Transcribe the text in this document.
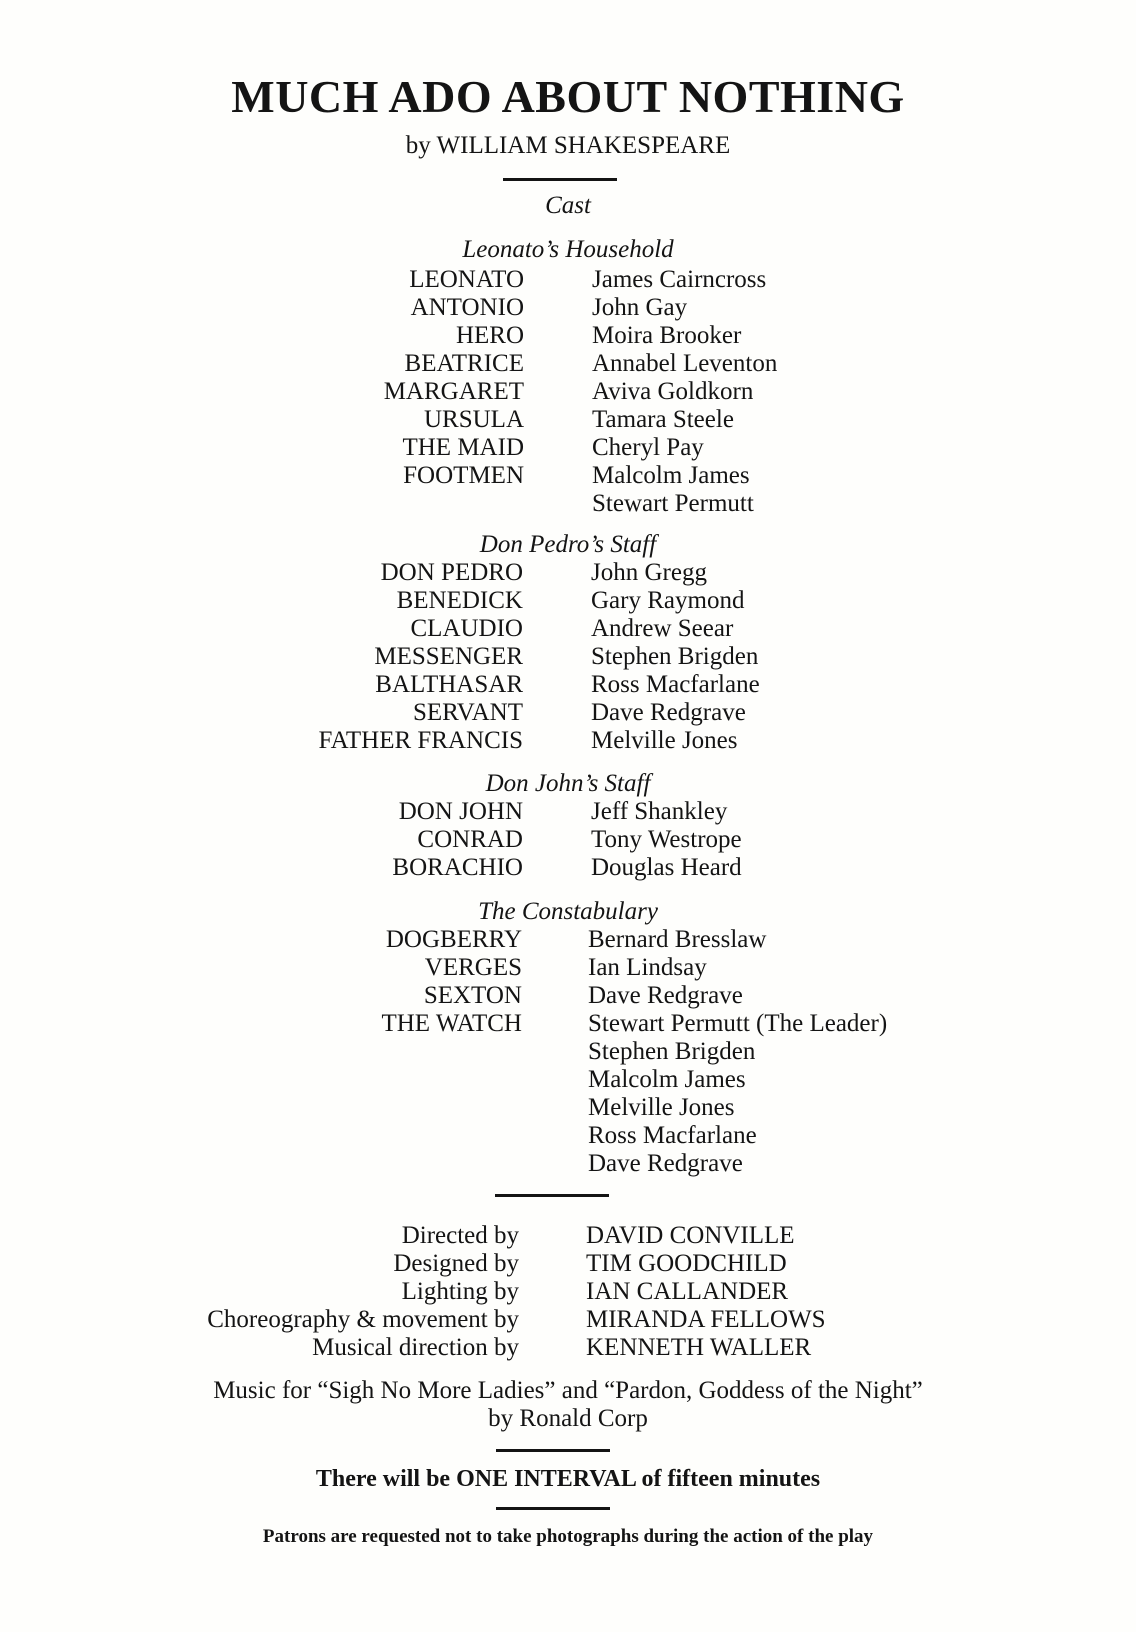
MUCH ADO ABOUT NOTHING
by WILLIAM SHAKESPEARE
Cast
Leonato’s Household
LEONATO	James Cairncross
ANTONIO	John Gay
HERO	Moira Brooker
BEATRICE	Annabel Leventon
MARGARET	Aviva Goldkorn
URSULA	Tamara Steele
THE MAID	Cheryl Pay
FOOTMEN	Malcolm James
Stewart Permutt
Don Pedro’s Staff
DON PEDRO	John Gregg
BENEDICK	Gary Raymond
CLAUDIO	Andrew Seear
MESSENGER	Stephen Brigden
BALTHASAR	Ross Macfarlane
SERVANT	Dave Redgrave
FATHER FRANCIS	Melville Jones
Don John’s Staff
DON JOHN	Jeff Shankley
CONRAD	Tony Westrope
BORACHIO	Douglas Heard
The Constabulary
DOGBERRY	Bernard Bresslaw
VERGES	Ian Lindsay
SEXTON	Dave Redgrave
THE WATCH	Stewart Permutt (The Leader)
Stephen Brigden
Malcolm James
Melville Jones
Ross Macfarlane
Dave Redgrave
Directed by	DAVID CONVILLE
Designed by	TIM GOODCHILD
Lighting by	IAN CALLANDER
Choreography & movement by	MIRANDA FELLOWS
Musical direction by	KENNETH WALLER
Music for “Sigh No More Ladies” and “Pardon, Goddess of the Night”
by Ronald Corp
There will be ONE INTERVAL of fifteen minutes
Patrons are requested not to take photographs during the action of the play
